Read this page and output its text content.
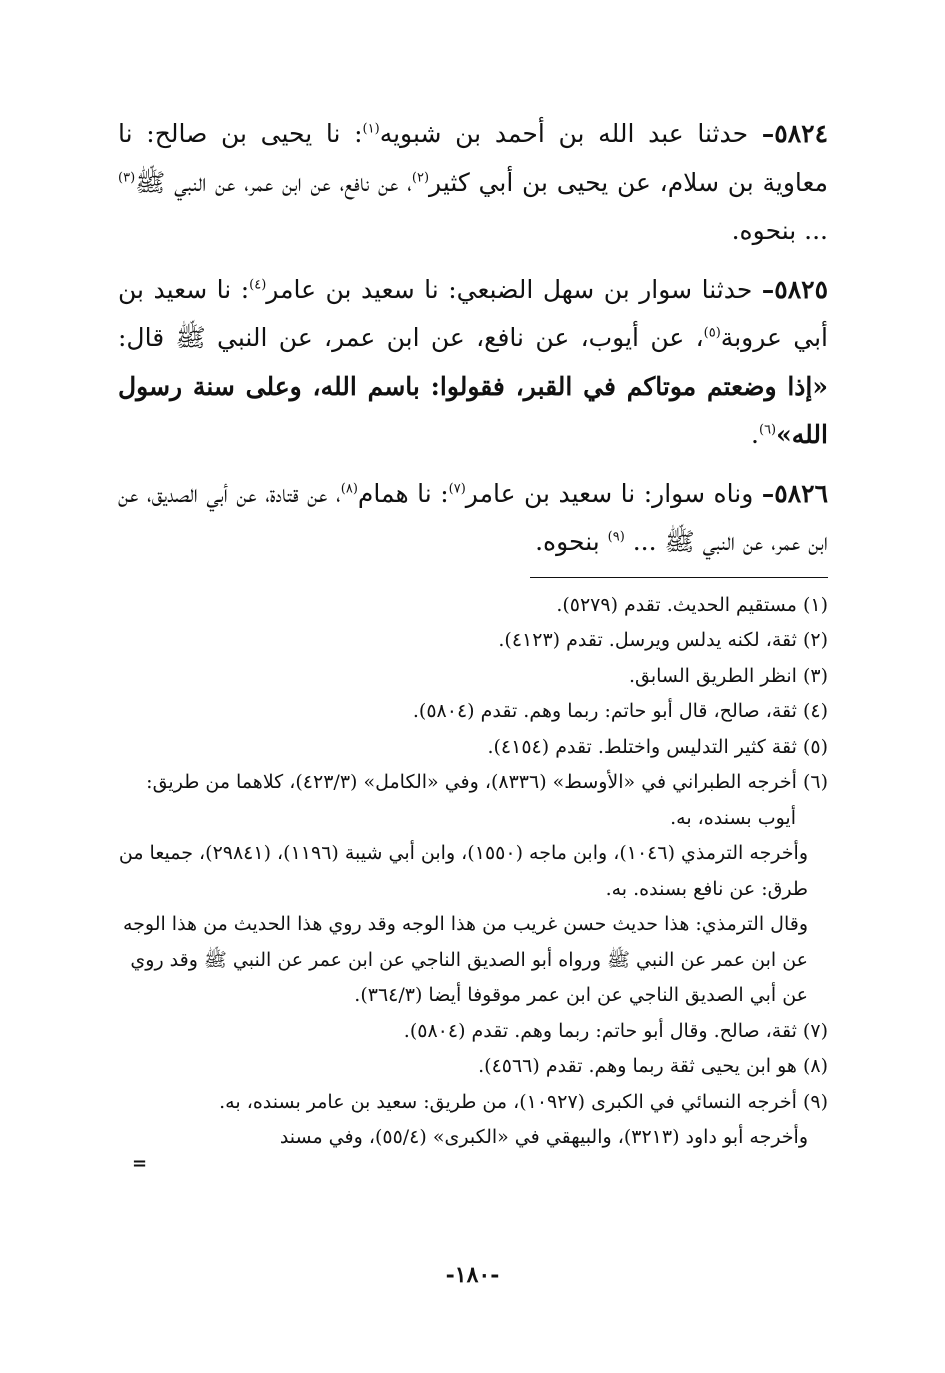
٥٨٢٤– حدثنا عبد الله بن أحمد بن شبويه$^{(١)}$: نا يحيى بن صالح: نا معاوية بن سلام، عن يحيى بن أبي كثير$^{(٢)}$، عن نافع، عن ابن عمر، عن النبي ﷺ$^{(٣)}$ ... بنحوه.

٥٨٢٥– حدثنا سوار بن سهل الضبعي: نا سعيد بن عامر$^{(٤)}$: نا سعيد بن أبي عروبة$^{(٥)}$، عن أيوب، عن نافع، عن ابن عمر، عن النبي ﷺ قال: «إذا وضعتم موتاكم في القبر، فقولوا: باسم الله، وعلى سنة رسول الله»$^{(٦)}$.

٥٨٢٦– وناه سوار: نا سعيد بن عامر$^{(٧)}$: نا همام$^{(٨)}$، عن قتادة، عن أبي الصديق، عن ابن عمر، عن النبي ﷺ ... $^{(٩)}$ بنحوه.

(١) مستقيم الحديث. تقدم (٥٢٧٩).

(٢) ثقة، لكنه يدلس ويرسل. تقدم (٤١٢٣).

(٣) انظر الطريق السابق.

(٤) ثقة، صالح، قال أبو حاتم: ربما وهم. تقدم (٥٨٠٤).

(٥) ثقة كثير التدليس واختلط. تقدم (٤١٥٤).

(٦) أخرجه الطبراني في «الأوسط» (٨٣٣٦)، وفي «الكامل» (٤٢٣/٣)، كلاهما من طريق: أيوب بسنده، به.

وأخرجه الترمذي (١٠٤٦)، وابن ماجه (١٥٥٠)، وابن أبي شيبة (١١٩٦)، (٢٩٨٤١)، جميعا من طرق: عن نافع بسنده. به.

وقال الترمذي: هذا حديث حسن غريب من هذا الوجه وقد روي هذا الحديث من هذا الوجه عن ابن عمر عن النبي ﷺ ورواه أبو الصديق الناجي عن ابن عمر عن النبي ﷺ وقد روي عن أبي الصديق الناجي عن ابن عمر موقوفا أيضا (٣٦٤/٣).

(٧) ثقة، صالح. وقال أبو حاتم: ربما وهم. تقدم (٥٨٠٤).

(٨) هو ابن يحيى ثقة ربما وهم. تقدم (٤٥٦٦).

(٩) أخرجه النسائي في الكبرى (١٠٩٢٧)، من طريق: سعيد بن عامر بسنده، به.

وأخرجه أبو داود (٣٢١٣)، والبيهقي في «الكبرى» (٥٥/٤)، وفي مسند

=
-١٨٠-
